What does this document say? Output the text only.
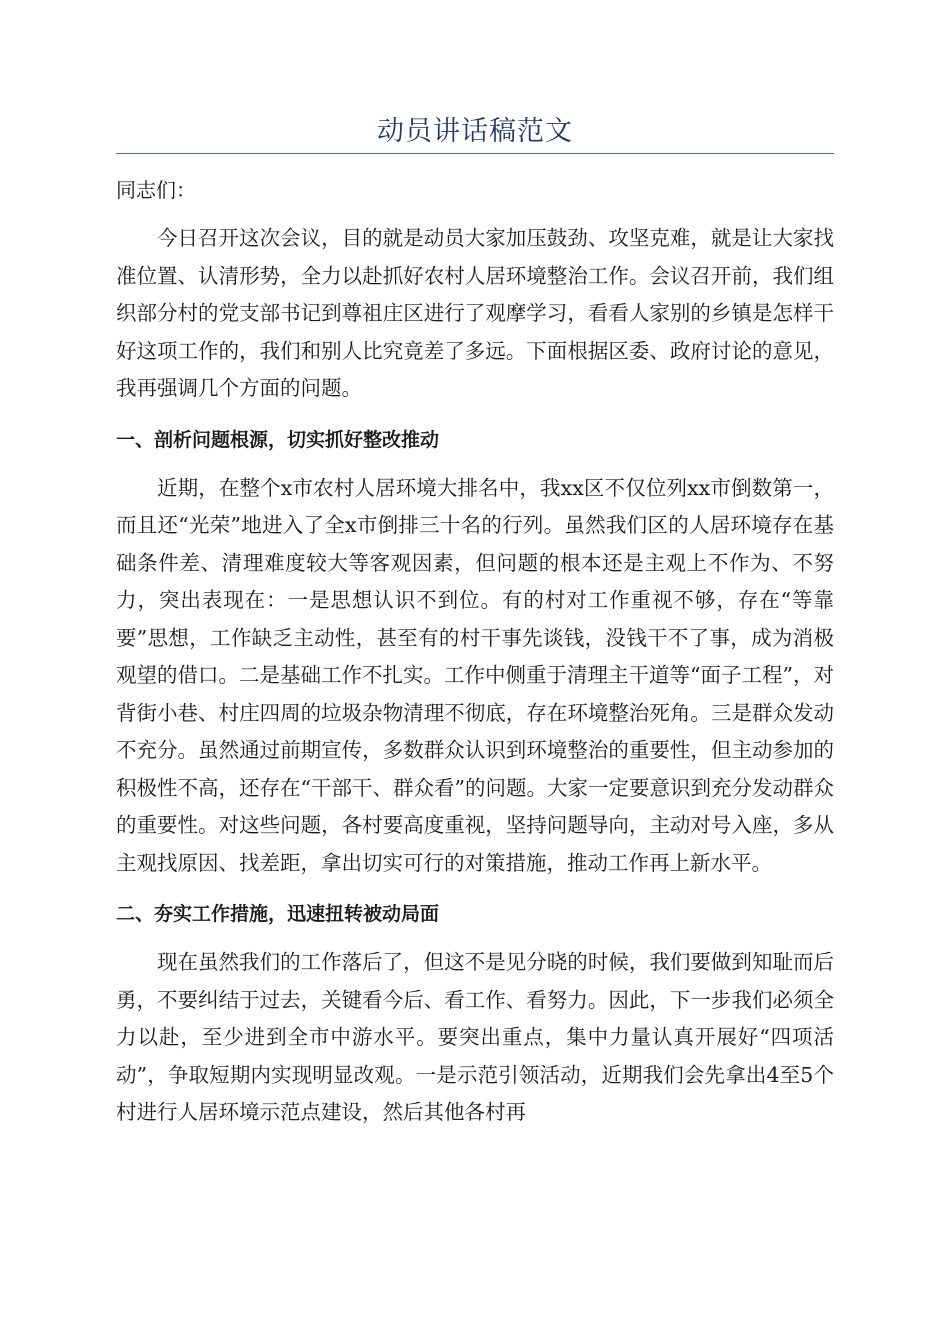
动员讲话稿范文

同志们：

今日召开这次会议，目的就是动员大家加压鼓劲、攻坚克难，就是让大家找准位置、认清形势，全力以赴抓好农村人居环境整治工作。会议召开前，我们组织部分村的党支部书记到尊祖庄区进行了观摩学习，看看人家别的乡镇是怎样干好这项工作的，我们和别人比究竟差了多远。下面根据区委、政府讨论的意见，我再强调几个方面的问题。

一、剖析问题根源，切实抓好整改推动

近期，在整个x市农村人居环境大排名中，我xx区不仅位列xx市倒数第一，而且还“光荣”地进入了全x市倒排三十名的行列。虽然我们区的人居环境存在基础条件差、清理难度较大等客观因素，但问题的根本还是主观上不作为、不努力，突出表现在：一是思想认识不到位。有的村对工作重视不够，存在“等靠要”思想，工作缺乏主动性，甚至有的村干事先谈钱，没钱干不了事，成为消极观望的借口。二是基础工作不扎实。工作中侧重于清理主干道等“面子工程”，对背街小巷、村庄四周的垃圾杂物清理不彻底，存在环境整治死角。三是群众发动不充分。虽然通过前期宣传，多数群众认识到环境整治的重要性，但主动参加的积极性不高，还存在“干部干、群众看”的问题。大家一定要意识到充分发动群众的重要性。对这些问题，各村要高度重视，坚持问题导向，主动对号入座，多从主观找原因、找差距，拿出切实可行的对策措施，推动工作再上新水平。

二、夯实工作措施，迅速扭转被动局面

现在虽然我们的工作落后了，但这不是见分晓的时候，我们要做到知耻而后勇，不要纠结于过去，关键看今后、看工作、看努力。因此，下一步我们必须全力以赴，至少进到全市中游水平。要突出重点，集中力量认真开展好“四项活动”，争取短期内实现明显改观。一是示范引领活动，近期我们会先拿出4至5个村进行人居环境示范点建设，然后其他各村再
